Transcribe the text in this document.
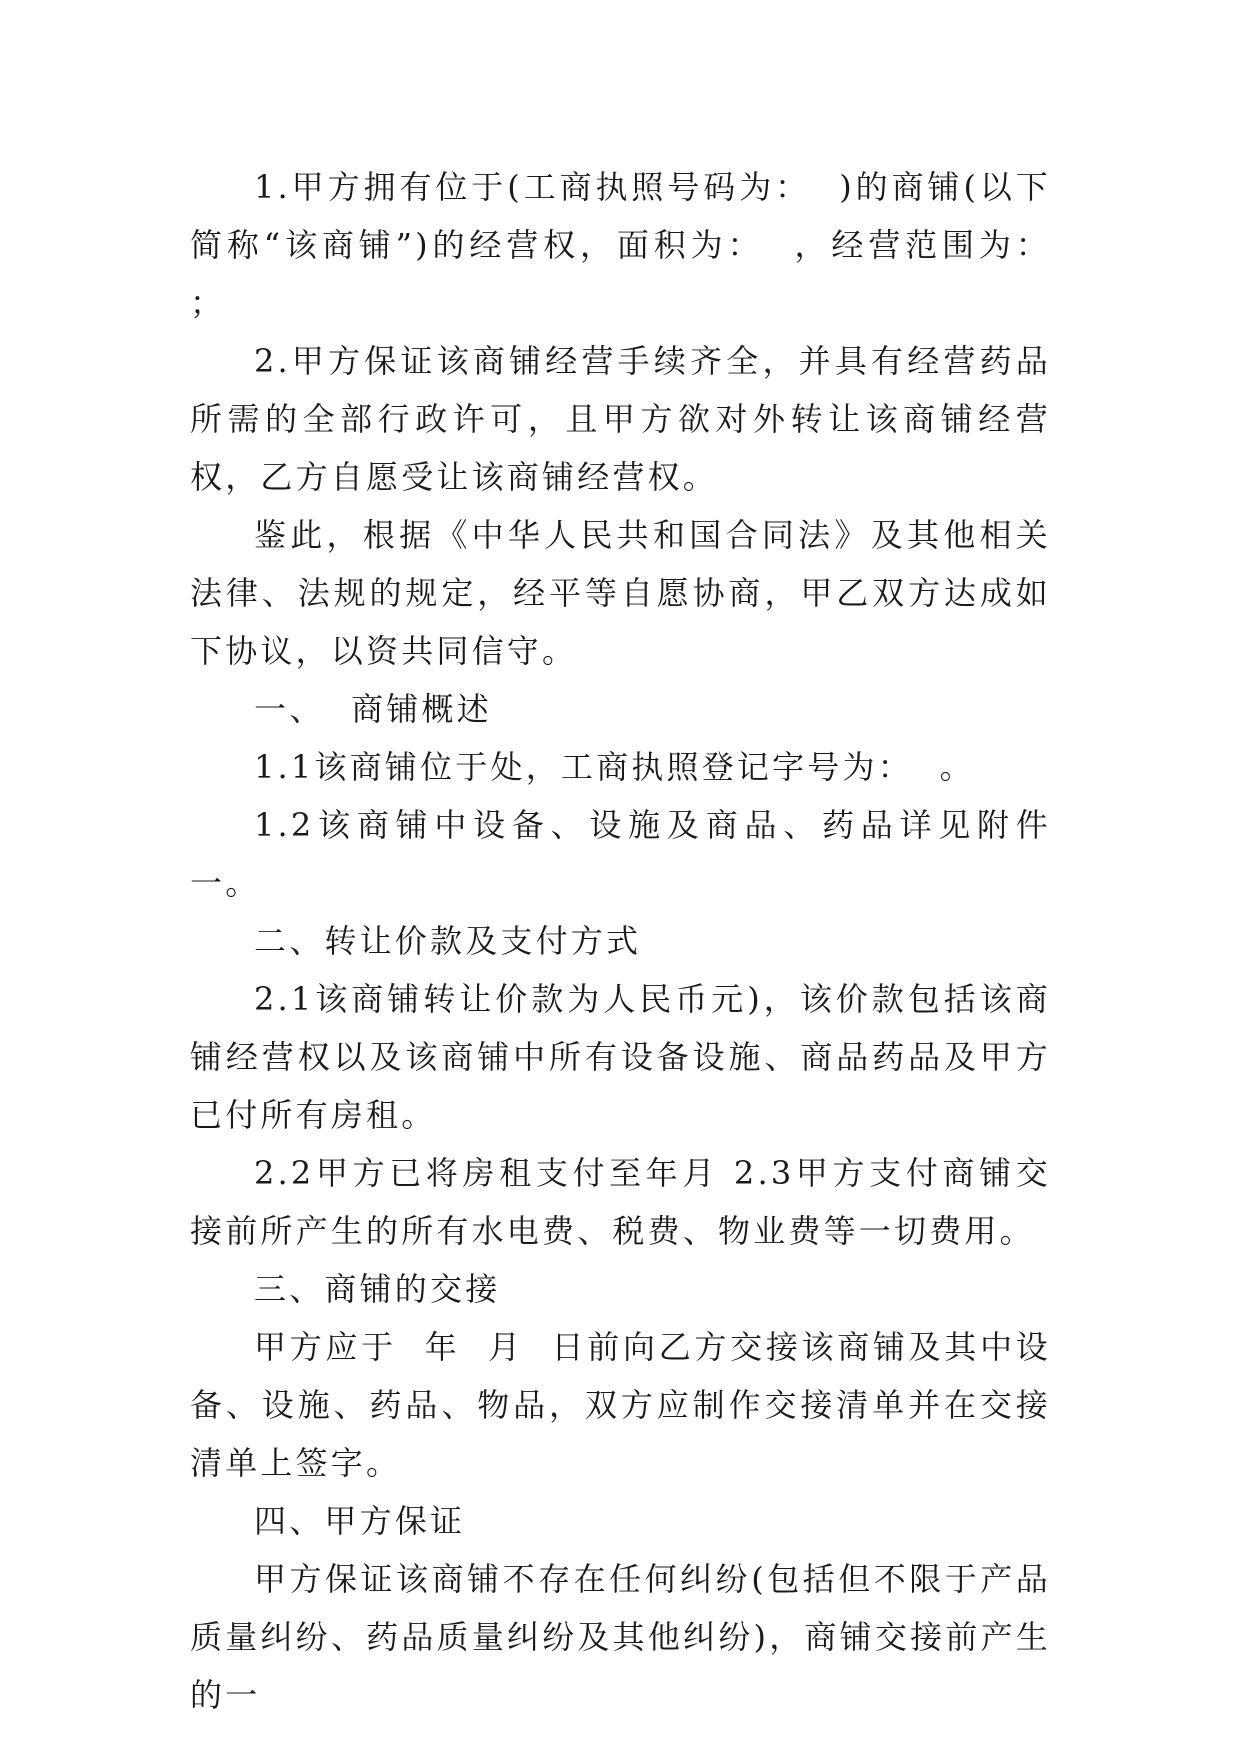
1.甲方拥有位于(工商执照号码为：  )的商铺(以下简称“该商铺”)的经营权，面积为：  ，经营范围为：  ；

2.甲方保证该商铺经营手续齐全，并具有经营药品所需的全部行政许可，且甲方欲对外转让该商铺经营权，乙方自愿受让该商铺经营权。

鉴此，根据《中华人民共和国合同法》及其他相关法律、法规的规定，经平等自愿协商，甲乙双方达成如下协议，以资共同信守。

一、  商铺概述

1.1该商铺位于处，工商执照登记字号为：  。

1.2该商铺中设备、设施及商品、药品详见附件一。

二、转让价款及支付方式

2.1该商铺转让价款为人民币元)，该价款包括该商铺经营权以及该商铺中所有设备设施、商品药品及甲方已付所有房租。

2.2甲方已将房租支付至年月 2.3甲方支付商铺交接前所产生的所有水电费、税费、物业费等一切费用。

三、商铺的交接

甲方应于  年  月  日前向乙方交接该商铺及其中设备、设施、药品、物品，双方应制作交接清单并在交接清单上签字。

四、甲方保证

甲方保证该商铺不存在任何纠纷(包括但不限于产品质量纠纷、药品质量纠纷及其他纠纷)，商铺交接前产生的一
